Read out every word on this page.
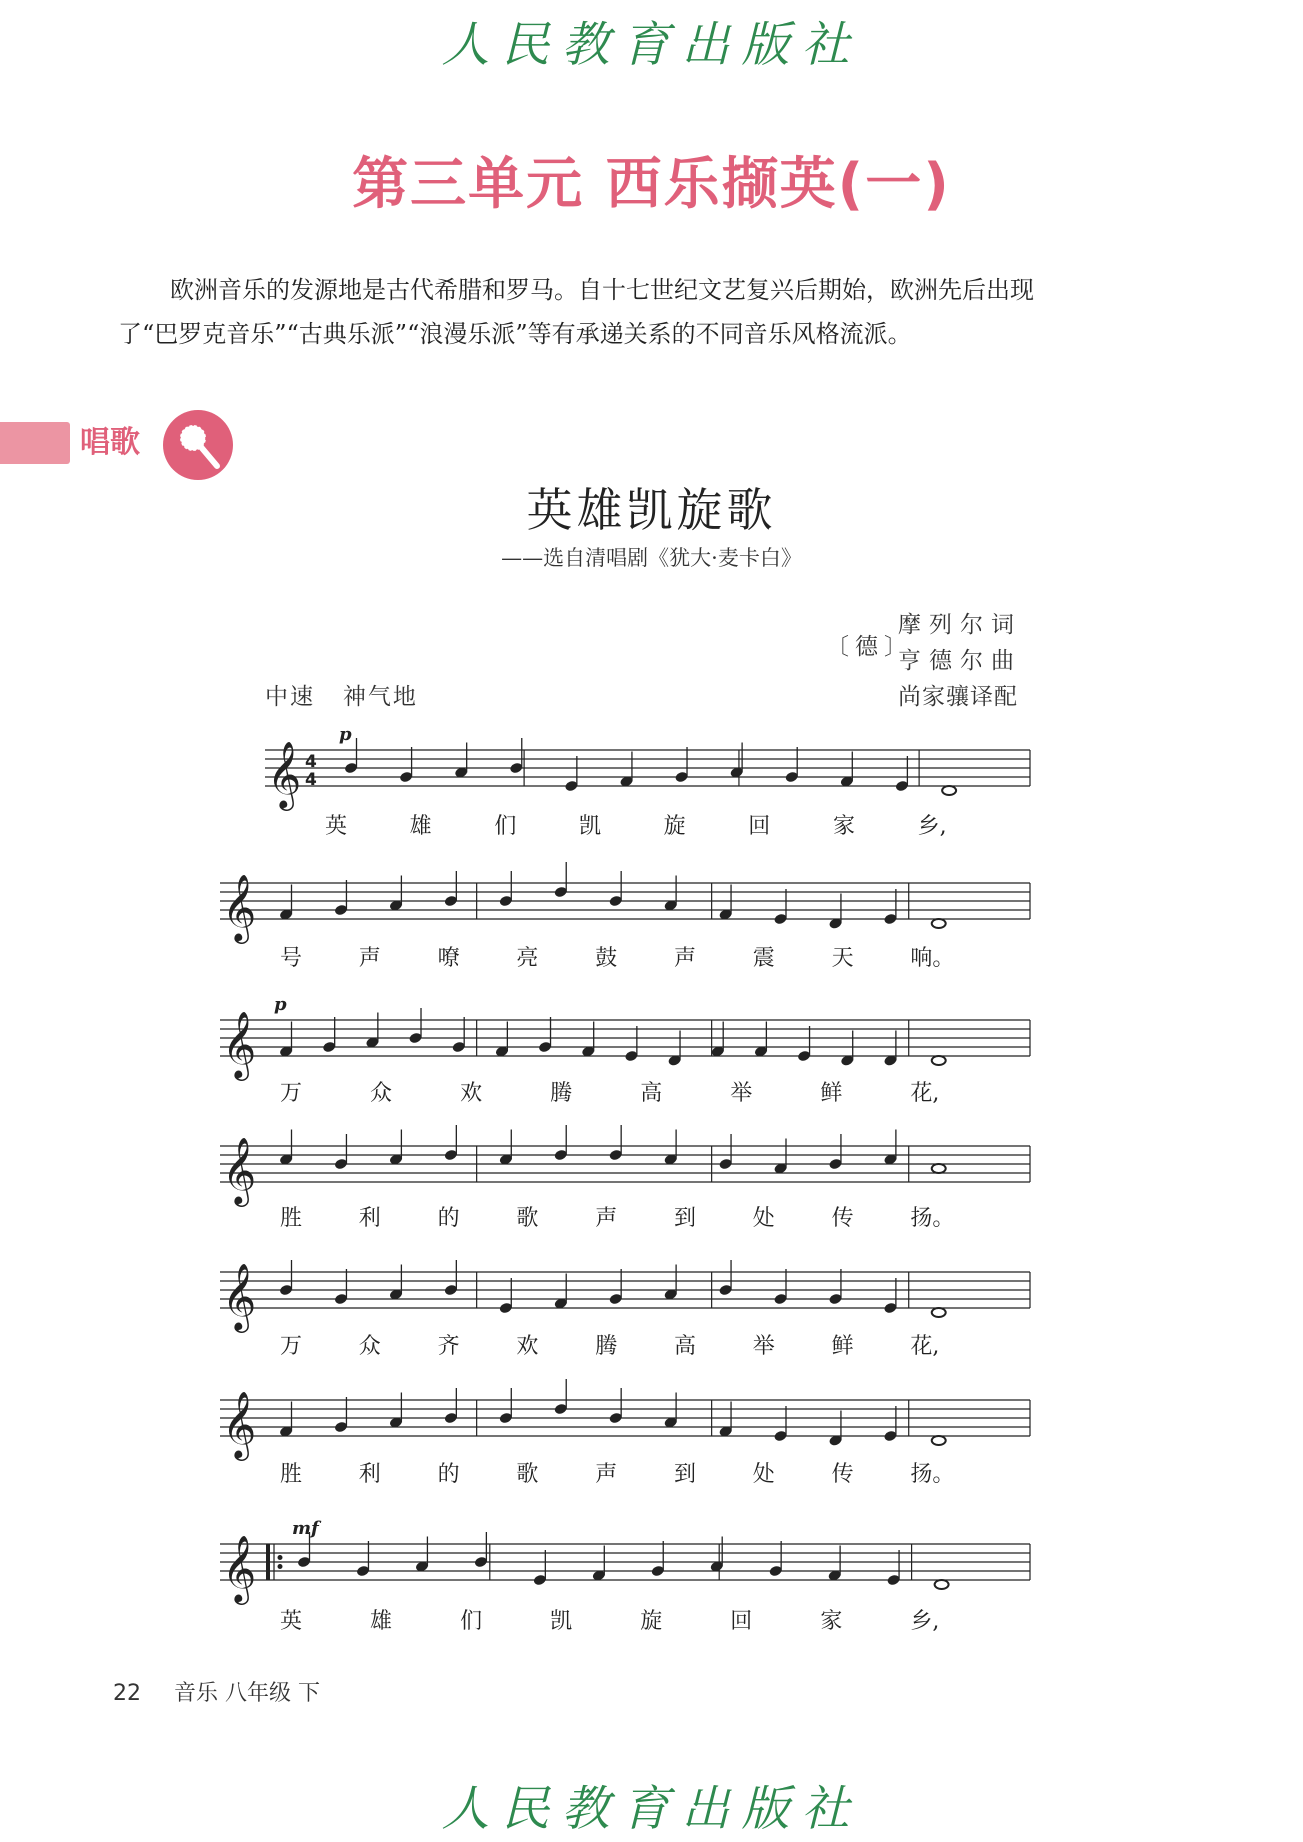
人民教育出版社
第三单元 西乐撷英(一)

欧洲音乐的发源地是古代希腊和罗马。自十七世纪文艺复兴后期始，欧洲先后出现

了“巴罗克音乐”“古典乐派”“浪漫乐派”等有承递关系的不同音乐风格流派。

唱歌
英雄凯旋歌
——选自清唱剧《犹大·麦卡白》
〔德〕
摩列尔词
亨德尔曲
尚家骧译配
中速   神气地
𝄞 4
4
p
英	雄	们	凯	旋	回	家	乡,
𝄞
号	声	嘹	亮	鼓	声	震	天	响。
𝄞
p
万	众	欢	腾	高	举	鲜	花,
𝄞
胜	利	的	歌	声	到	处	传	扬。
𝄞
万	众	齐	欢	腾	高	举	鲜	花,
𝄞
胜	利	的	歌	声	到	处	传	扬。
𝄞
mf
英	雄	们	凯	旋	回	家	乡,
22 音乐 八年级 下
人民教育出版社
